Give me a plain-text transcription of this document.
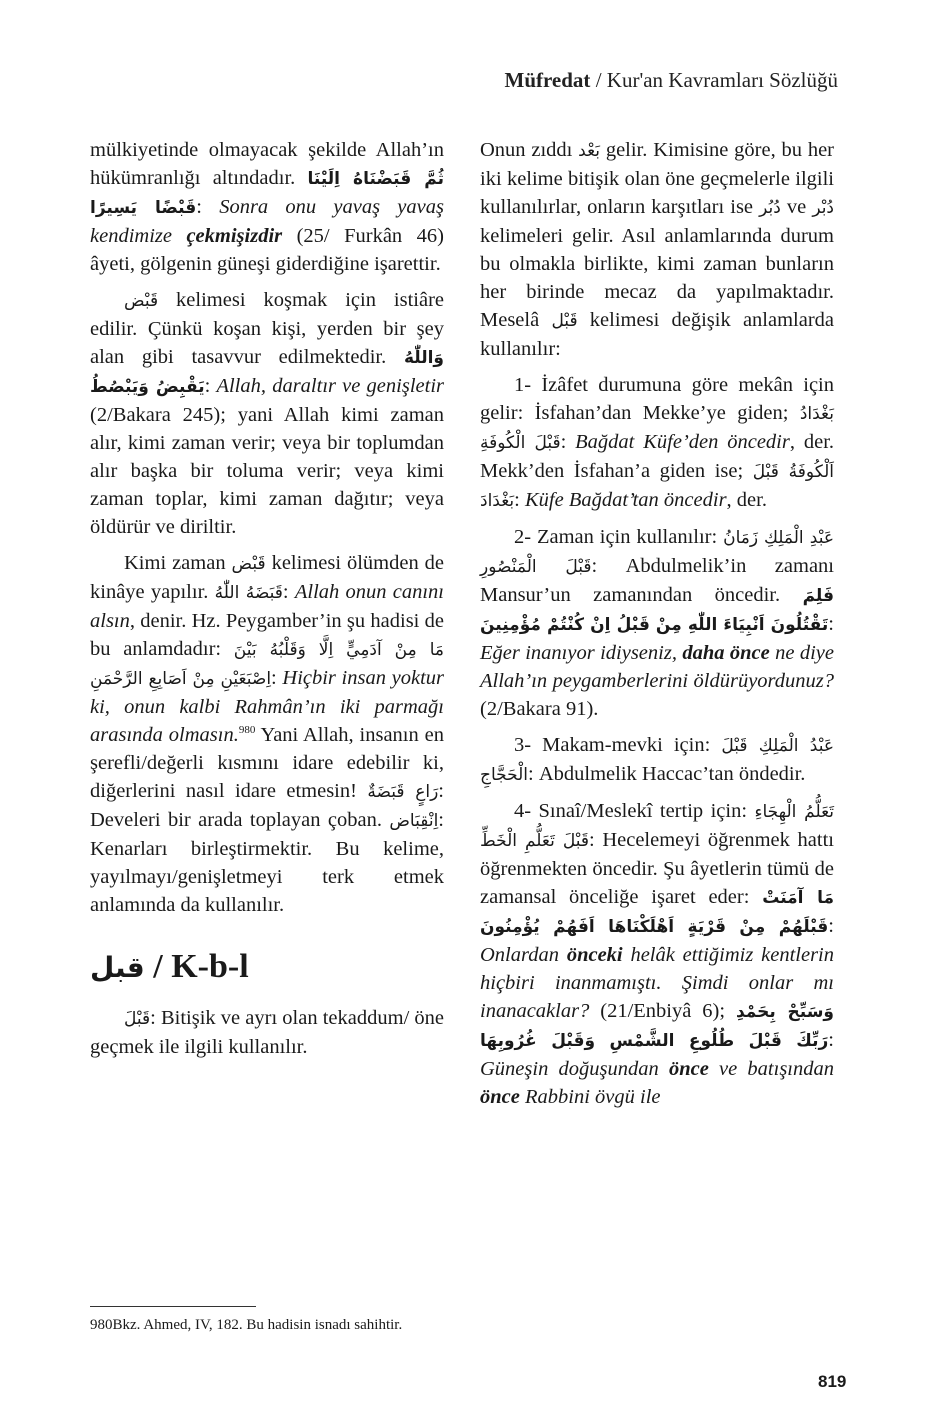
Müfredat / Kur'an Kavramları Sözlüğü

mülkiyetinde olmayacak şekilde Allah’ın hükümranlığı altındadır. ثُمَّ قَبَضْنَاهُ اِلَيْنَا قَبْضًا يَسِيرًا: Sonra onu yavaş yavaş kendimize çekmişizdir (25/ Furkân 46) âyeti, gölgenin güneşi giderdiğine işarettir.

قَبْض kelimesi koşmak için istiâre edilir. Çünkü koşan kişi, yerden bir şey alan gibi tasavvur edilmektedir. وَاللّٰهُ يَقْبِضُ وَيَبْصُطُ: Allah, daraltır ve genişletir (2/Bakara 245); yani Allah kimi zaman alır, kimi zaman verir; veya bir toplumdan alır başka bir toluma verir; veya kimi zaman toplar, kimi zaman dağıtır; veya öldürür ve diriltir.

Kimi zaman قَبْض kelimesi ölümden de kinâye yapılır. قَبَضَهُ اللّٰهُ: Allah onun canını alsın, denir. Hz. Peygamber’in şu hadisi de bu anlamdadır: مَا مِنْ آدَمِيٍّ اِلَّا وَقَلْبُهُ بَيْنَ اِصْبَعَيْنِ مِنْ اَصَابِعِ الرَّحْمَنِ: Hiçbir insan yoktur ki, onun kalbi Rahmân’ın iki parmağı arasında olmasın.$^{980}$ Yani Allah, insanın en şerefli/değerli kısmını idare edebilir ki, diğerlerini nasıl idare etmesin! رَاعٍ قَبَضَةٌ: Develeri bir arada toplayan çoban. اِنْقِبَاض: Kenarları birleştirmektir. Bu kelime, yayılmayı/genişletmeyi terk etmek anlamında da kullanılır.

قبل / K-b-l

قَبْلَ: Bitişik ve ayrı olan tekaddum/ öne geçmek ile ilgili kullanılır.

980Bkz. Ahmed, IV, 182. Bu hadisin isnadı sahihtir.

Onun zıddı بَعْد gelir. Kimisine göre, bu her iki kelime bitişik olan öne geçmelerle ilgili kullanılırlar, onların karşıtları ise دُبُر ve دُبْر kelimeleri gelir. Asıl anlamlarında durum bu olmakla birlikte, kimi zaman bunların her birinde mecaz da yapılmaktadır. Meselâ قَبْل kelimesi değişik anlamlarda kullanılır:

1- İzâfet durumuna göre mekân için gelir: İsfahan’dan Mekke’ye giden; بَغْدَادُ قَبْلَ الْكُوفَةِ: Bağdat Küfe’den öncedir, der. Mekk’den İsfahan’a giden ise; اَلْكُوفَةُ قَبْلَ بَغْدَادَ: Küfe Bağdat’tan öncedir, der.

2- Zaman için kullanılır: زَمَانُ عَبْدِ الْمَلِكِ قَبْلَ الْمَنْصُورِ: Abdulmelik’in zamanı Mansur’un zamanından öncedir. فَلِمَ تَقْتُلُونَ اَنْبِيَاءَ اللّٰهِ مِنْ قَبْلُ اِنْ كُنْتُمْ مُؤْمِنِينَ: Eğer inanıyor idiyseniz, daha önce ne diye Allah’ın peygamberlerini öldürüyordunuz? (2/Bakara 91).

3- Makam-mevki için: عَبْدُ الْمَلِكِ قَبْلَ الْحَجَّاجِ: Abdulmelik Haccac’tan öndedir.

4- Sınaî/Meslekî tertip için: تَعَلُّمُ الْهِجَاءِ قَبْلَ تَعَلُّمِ الْخَطِّ: Hecelemeyi öğrenmek hattı öğrenmekten öncedir. Şu âyetlerin tümü de zamansal önceliğe işaret eder: مَا آمَنَتْ قَبْلَهُمْ مِنْ قَرْيَةٍ اَهْلَكْنَاهَا اَفَهُمْ يُؤْمِنُونَ: Onlardan önceki helâk ettiğimiz kentlerin hiçbiri inanmamıştı. Şimdi onlar mı inanacaklar? (21/Enbiyâ 6); وَسَبِّحْ بِحَمْدِ رَبِّكَ قَبْلَ طُلُوعِ الشَّمْسِ وَقَبْلَ غُرُوبِهَا: Güneşin doğuşundan önce ve batışından önce Rabbini övgü ile

819
